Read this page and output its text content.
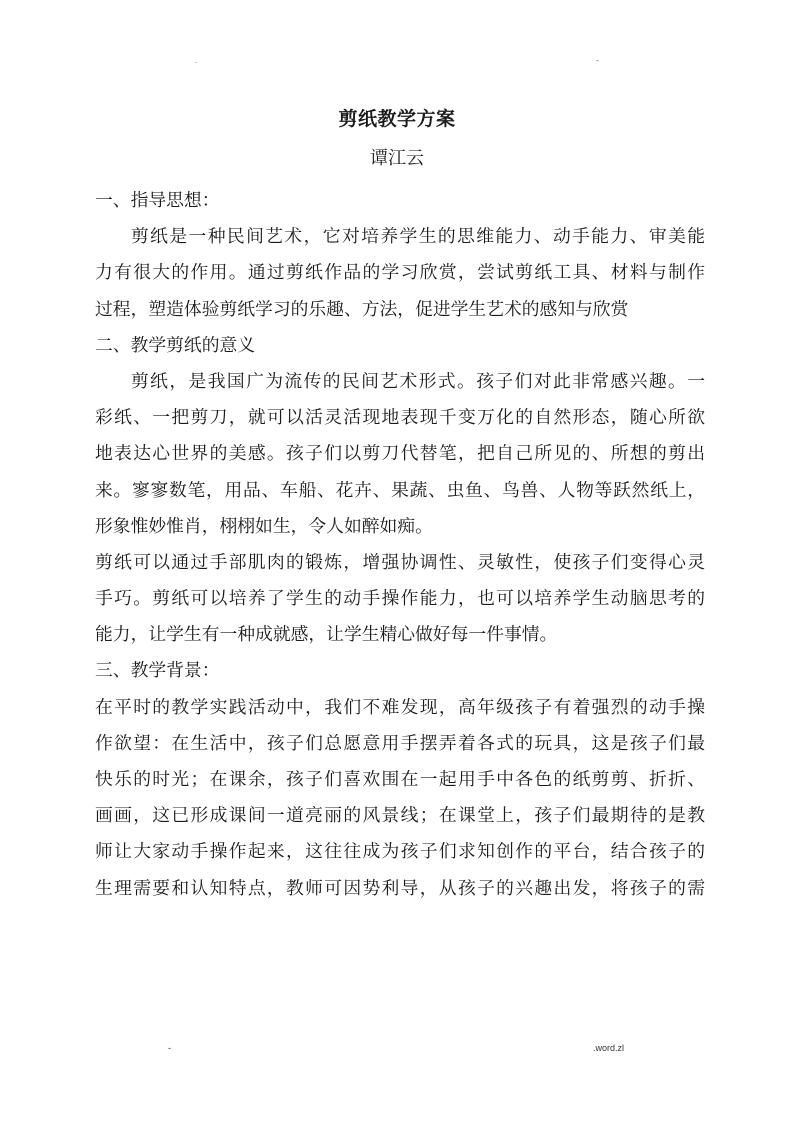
.	-
剪纸教学方案
谭江云
一、指导思想：
剪纸是一种民间艺术，它对培养学生的思维能力、动手能力、审美能
力有很大的作用。通过剪纸作品的学习欣赏，尝试剪纸工具、材料与制作
过程，塑造体验剪纸学习的乐趣、方法，促进学生艺术的感知与欣赏
二、教学剪纸的意义
剪纸，是我国广为流传的民间艺术形式。孩子们对此非常感兴趣。一
彩纸、一把剪刀，就可以活灵活现地表现千变万化的自然形态，随心所欲
地表达心世界的美感。孩子们以剪刀代替笔，把自己所见的、所想的剪出
来。寥寥数笔，用品、车船、花卉、果蔬、虫鱼、鸟兽、人物等跃然纸上，
形象惟妙惟肖，栩栩如生，令人如醉如痴。
剪纸可以通过手部肌肉的锻炼，增强协调性、灵敏性，使孩子们变得心灵
手巧。剪纸可以培养了学生的动手操作能力，也可以培养学生动脑思考的
能力，让学生有一种成就感，让学生精心做好每一件事情。
三、教学背景：
在平时的教学实践活动中，我们不难发现，高年级孩子有着强烈的动手操
作欲望：在生活中，孩子们总愿意用手摆弄着各式的玩具，这是孩子们最
快乐的时光；在课余，孩子们喜欢围在一起用手中各色的纸剪剪、折折、
画画，这已形成课间一道亮丽的风景线；在课堂上，孩子们最期待的是教
师让大家动手操作起来，这往往成为孩子们求知创作的平台，结合孩子的
生理需要和认知特点，教师可因势利导，从孩子的兴趣出发，将孩子的需
-	.word.zl
